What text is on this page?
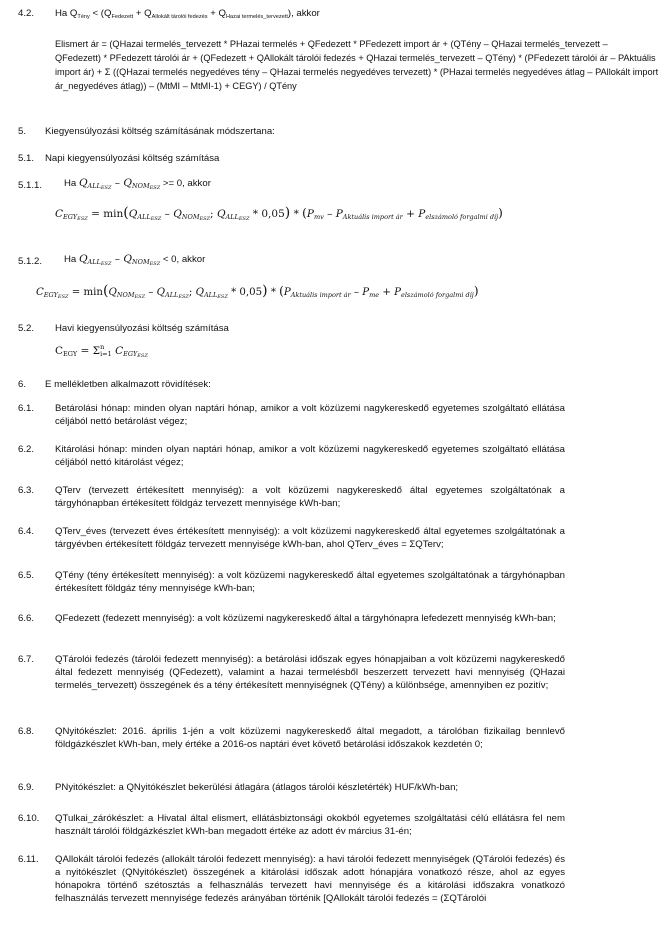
4.2. Ha $Q_{Tény} < (Q_{Fedezett} + Q_{Allokált tárolói fedezés} + Q_{Hazai termelés\_tervezett})$, akkor
Elismert ár = (QHazai termelés_tervezett * PHazai termelés + QFedezett * PFedezett import ár + (QTény – QHazai termelés_tervezett –
QFedezett) * PFedezett tárolói ár + (QFedezett + QAllokált tárolói fedezés + QHazai termelés_tervezett – QTény) * (PFedezett tárolói ár – PAktuális
import ár) + Σ ((QHazai termelés negyedéves tény – QHazai termelés negyedéves tervezett) * (PHazai termelés negyedéves átlag – PAllokált import
ár_negyedéves átlag)) – (MtMI – MtMI-1) + CEGY) / QTény
5. Kiegyensúlyozási költség számításának módszertana:
5.1. Napi kiegyensúlyozási költség számítása
5.1.1. Ha $Q_{ALL_{ESZ}} - Q_{NOM_{ESZ}} >= 0$, akkor
$C_{EGY_{ESZ}} = \min(Q_{ALL_{ESZ}} - Q_{NOM_{ESZ}}$; $Q_{ALL_{ESZ}} * 0,05) * (P_{mv} - P_{Aktuális import ár} + P_{elszámoló forgalmi díj})$
5.1.2. Ha $Q_{ALL_{ESZ}} - Q_{NOM_{ESZ}} < 0$, akkor
$C_{EGY_{ESZ}} = \min(Q_{NOM_{ESZ}} - Q_{ALL_{ESZ}}$; $Q_{ALL_{ESZ}} * 0,05) * (P_{Aktuális import ár} - P_{me} + P_{elszámoló forgalmi díj})$
5.2. Havi kiegyensúlyozási költség számítása
$C_{EGY} = \Sigma$ n
i=1 $C_{EGY_{ESZ}}$
6. E mellékletben alkalmazott rövidítések:
6.1. Betárolási hónap: minden olyan naptári hónap, amikor a volt közüzemi nagykereskedő egyetemes szolgáltató ellátása céljából nettó betárolást végez;
6.2. Kitárolási hónap: minden olyan naptári hónap, amikor a volt közüzemi nagykereskedő egyetemes szolgáltató ellátása céljából nettó kitárolást végez;
6.3. QTerv (tervezett értékesített mennyiség): a volt közüzemi nagykereskedő által egyetemes szolgáltatónak a tárgyhónapban értékesített földgáz tervezett mennyisége kWh-ban;
6.4. QTerv_éves (tervezett éves értékesített mennyiség): a volt közüzemi nagykereskedő által egyetemes szolgáltatónak a tárgyévben értékesített földgáz tervezett mennyisége kWh-ban, ahol QTerv_éves = ΣQTerv;
6.5. QTény (tény értékesített mennyiség): a volt közüzemi nagykereskedő által egyetemes szolgáltatónak a tárgyhónapban értékesített földgáz tény mennyisége kWh-ban;
6.6. QFedezett (fedezett mennyiség): a volt közüzemi nagykereskedő által a tárgyhónapra lefedezett mennyiség kWh-ban;
6.7. QTárolói fedezés (tárolói fedezett mennyiség): a betárolási időszak egyes hónapjaiban a volt közüzemi nagykereskedő által fedezett mennyiség (QFedezett), valamint a hazai termelésből beszerzett tervezett havi mennyiség (QHazai termelés_tervezett) összegének és a tény értékesített mennyiségnek (QTény) a különbsége, amennyiben ez pozitív;
6.8. QNyitókészlet: 2016. április 1-jén a volt közüzemi nagykereskedő által megadott, a tárolóban fizikailag bennlevő földgázkészlet kWh-ban, mely értéke a 2016-os naptári évet követő betárolási időszakok kezdetén 0;
6.9. PNyitókészlet: a QNyitókészlet bekerülési átlagára (átlagos tárolói készletérték) HUF/kWh-ban;
6.10. QTulkai_zárókészlet: a Hivatal által elismert, ellátásbiztonsági okokból egyetemes szolgáltatási célú ellátásra fel nem használt tárolói földgázkészlet kWh-ban megadott értéke az adott év március 31-én;
6.11. QAllokált tárolói fedezés (allokált tárolói fedezett mennyiség): a havi tárolói fedezett mennyiségek (QTárolói fedezés) és a nyitókészlet (QNyitókészlet) összegének a kitárolási időszak adott hónapjára vonatkozó része, ahol az egyes hónapokra történő szétosztás a felhasználás tervezett havi mennyisége és a kitárolási időszakra vonatkozó felhasználás tervezett mennyisége fedezés arányában történik [QAllokált tárolói fedezés = (ΣQTárolói
